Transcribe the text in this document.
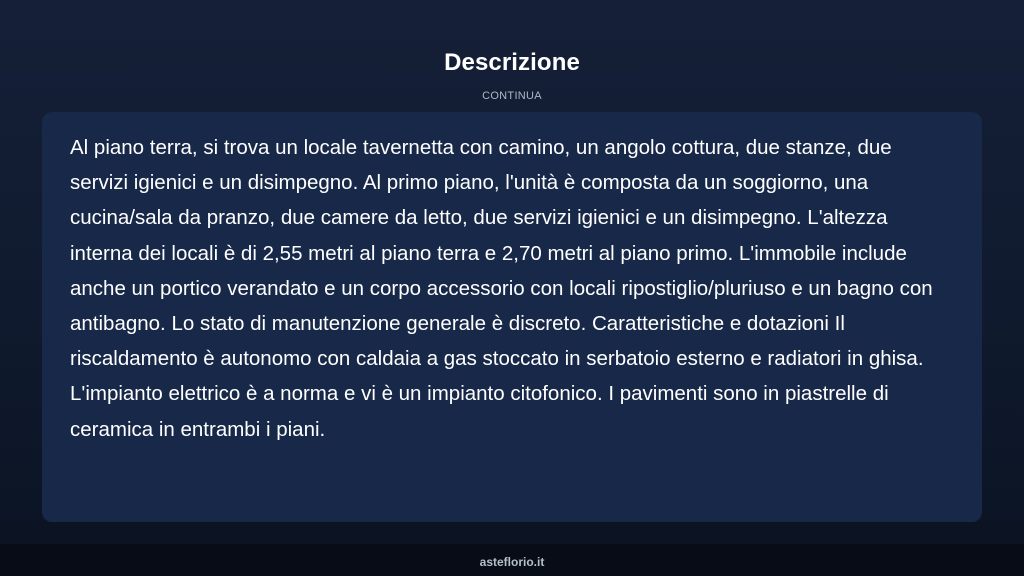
Descrizione
CONTINUA

Al piano terra, si trova un locale tavernetta con camino, un angolo cottura, due stanze, due servizi igienici e un disimpegno. Al primo piano, l'unità è composta da un soggiorno, una cucina/sala da pranzo, due camere da letto, due servizi igienici e un disimpegno. L'altezza interna dei locali è di 2,55 metri al piano terra e 2,70 metri al piano primo. L'immobile include anche un portico verandato e un corpo accessorio con locali ripostiglio/pluriuso e un bagno con antibagno. Lo stato di manutenzione generale è discreto. Caratteristiche e dotazioni Il riscaldamento è autonomo con caldaia a gas stoccato in serbatoio esterno e radiatori in ghisa. L'impianto elettrico è a norma e vi è un impianto citofonico. I pavimenti sono in piastrelle di ceramica in entrambi i piani.

asteflorio.it
